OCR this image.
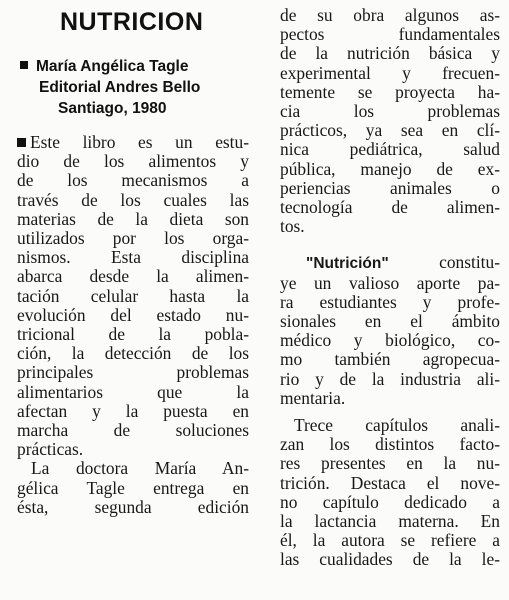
NUTRICION
María Angélica Tagle
Editorial Andres Bello
Santiago, 1980
Este libro es un estu-
dio de los alimentos y
de los mecanismos a
través de los cuales las
materias de la dieta son
utilizados por los orga-
nismos. Esta disciplina
abarca desde la alimen-
tación celular hasta la
evolución del estado nu-
tricional de la pobla-
ción, la detección de los
principales problemas
alimentarios que la
afectan y la puesta en
marcha de soluciones
prácticas.
La doctora María An-
gélica Tagle entrega en
ésta, segunda edición
de su obra algunos as-
pectos fundamentales
de la nutrición básica y
experimental y frecuen-
temente se proyecta ha-
cia los problemas
prácticos, ya sea en clí-
nica pediátrica, salud
pública, manejo de ex-
periencias animales o
tecnología de alimen-
tos.
"Nutrición" constitu-
ye un valioso aporte pa-
ra estudiantes y profe-
sionales en el ámbito
médico y biológico, co-
mo también agropecua-
rio y de la industria ali-
mentaria.
Trece capítulos anali-
zan los distintos facto-
res presentes en la nu-
trición. Destaca el nove-
no capítulo dedicado a
la lactancia materna. En
él, la autora se refiere a
las cualidades de la le-
